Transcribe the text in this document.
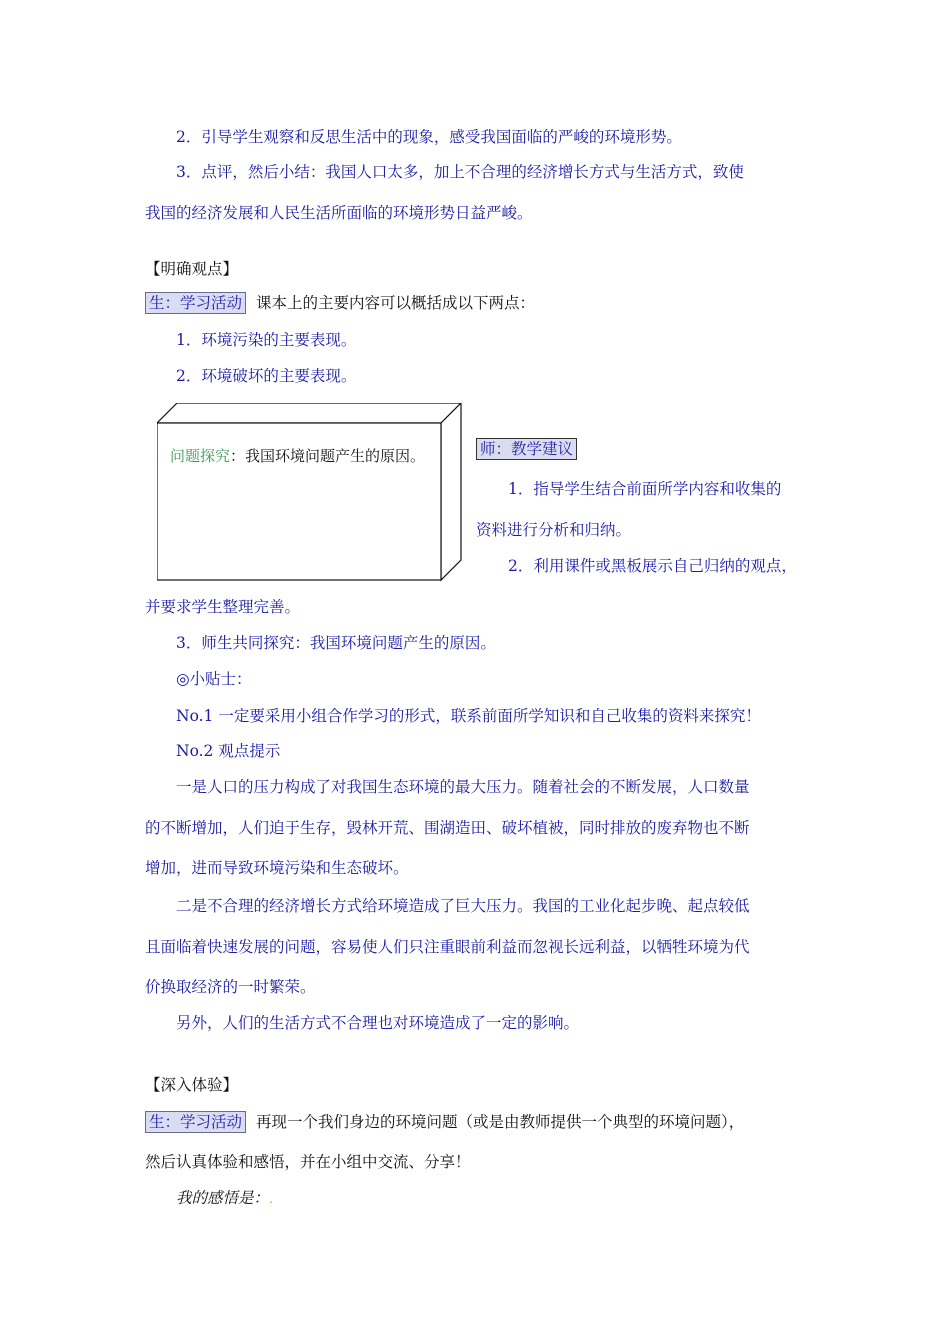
2．引导学生观察和反思生活中的现象，感受我国面临的严峻的环境形势。
3．点评，然后小结：我国人口太多，加上不合理的经济增长方式与生活方式，致使
我国的经济发展和人民生活所面临的环境形势日益严峻。
【明确观点】
生：学习活动 课本上的主要内容可以概括成以下两点：
1．环境污染的主要表现。
2．环境破坏的主要表现。
问题探究：我国环境问题产生的原因。	师：教学建议
1．指导学生结合前面所学内容和收集的
资料进行分析和归纳。
2．利用课件或黑板展示自己归纳的观点，
并要求学生整理完善。
3．师生共同探究：我国环境问题产生的原因。
◎小贴士：
No.1 一定要采用小组合作学习的形式，联系前面所学知识和自己收集的资料来探究！
No.2 观点提示
一是人口的压力构成了对我国生态环境的最大压力。随着社会的不断发展，人口数量
的不断增加，人们迫于生存，毁林开荒、围湖造田、破坏植被，同时排放的废弃物也不断
增加，进而导致环境污染和生态破坏。
二是不合理的经济增长方式给环境造成了巨大压力。我国的工业化起步晚、起点较低
且面临着快速发展的问题，容易使人们只注重眼前利益而忽视长远利益，以牺牲环境为代
价换取经济的一时繁荣。
另外，人们的生活方式不合理也对环境造成了一定的影响。
【深入体验】
生：学习活动 再现一个我们身边的环境问题（或是由教师提供一个典型的环境问题），
然后认真体验和感悟，并在小组中交流、分享！
我的感悟是：.
